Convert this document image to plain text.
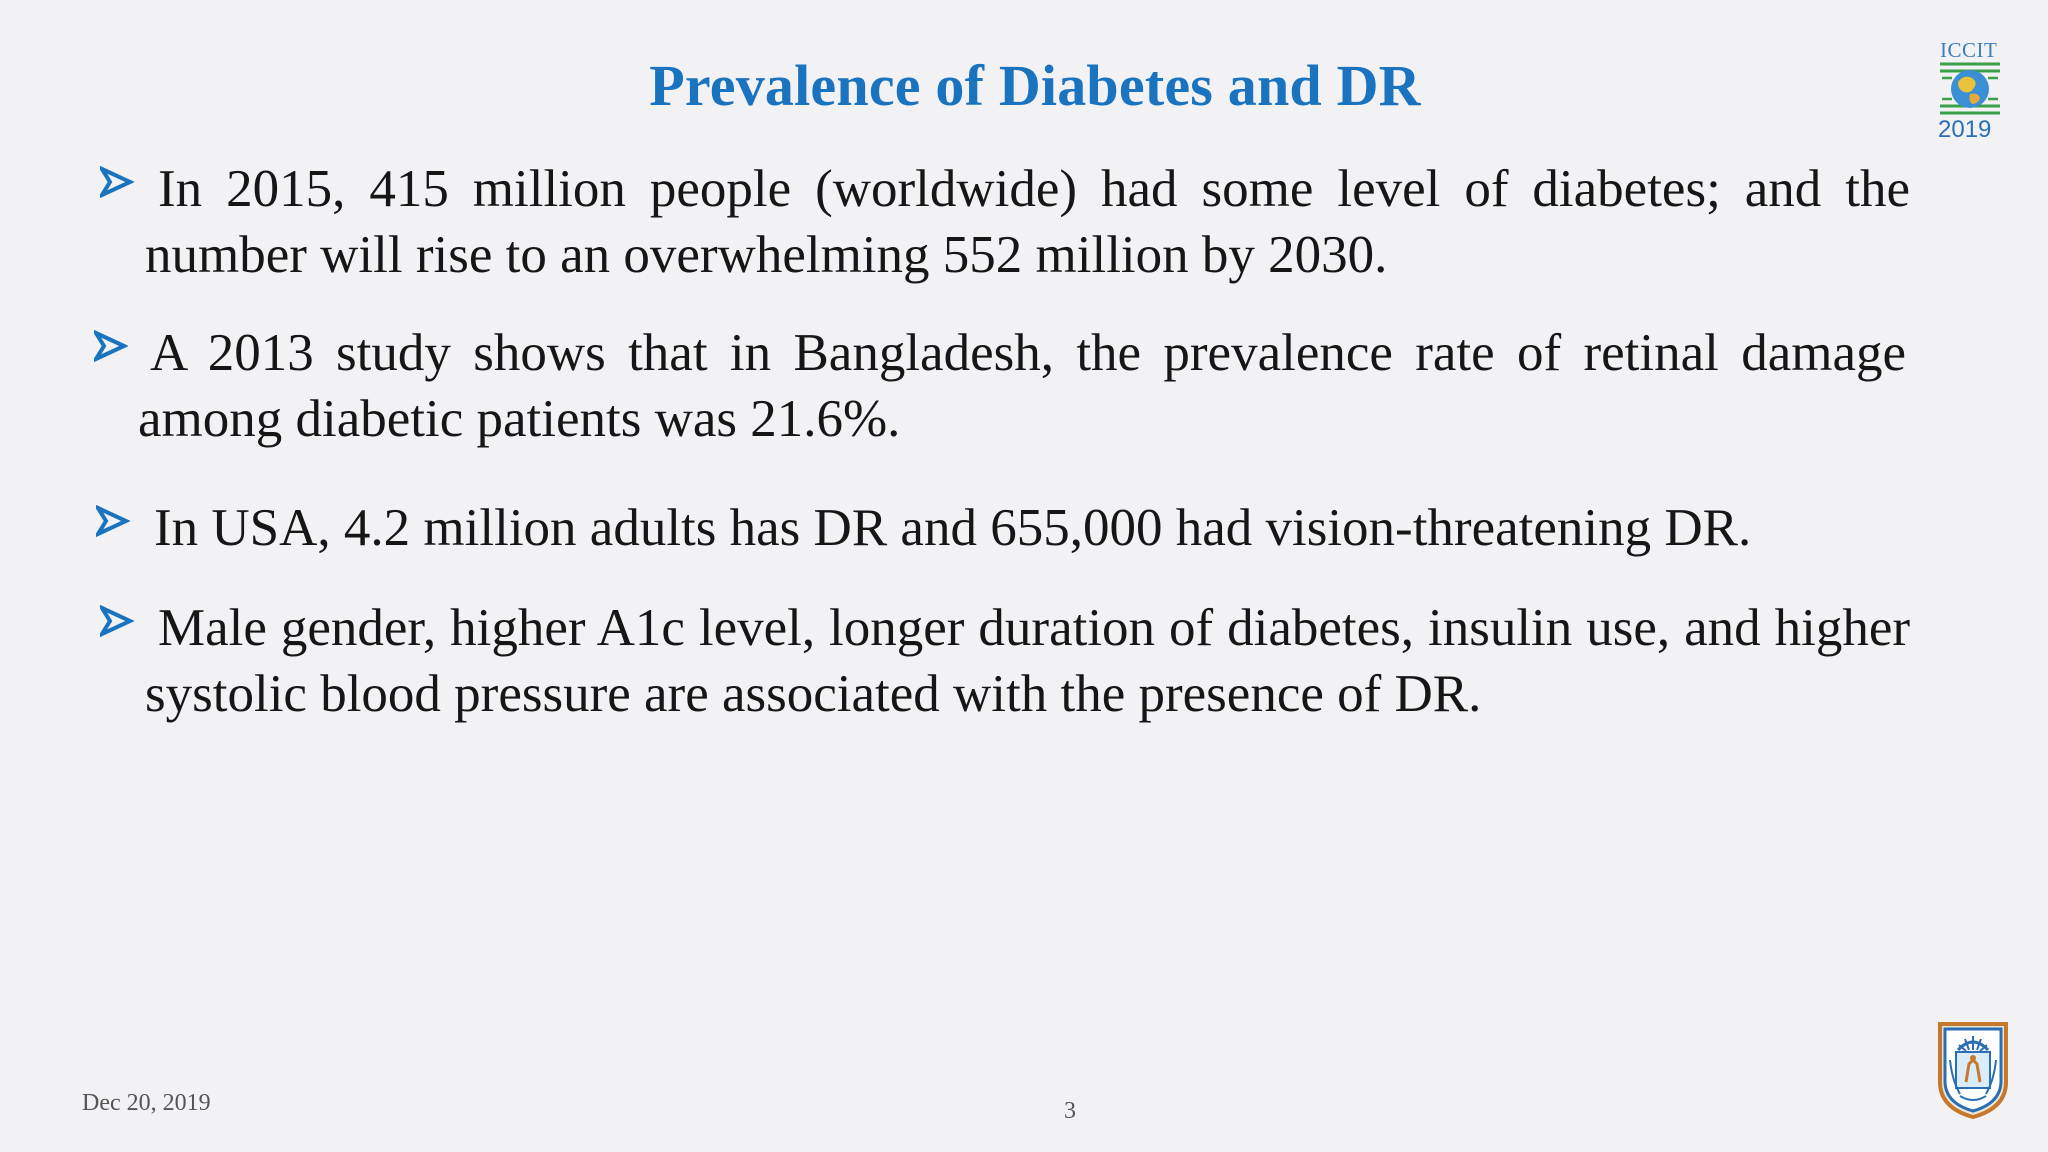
Prevalence of Diabetes and DR
ICCIT
2019
In 2015, 415 million people (worldwide) had some level of diabetes; and the number will rise to an overwhelming 552 million by 2030.
A 2013 study shows that in Bangladesh, the prevalence rate of retinal damage among diabetic patients was 21.6%.
In USA, 4.2 million adults has DR and 655,000 had vision-threatening DR.
Male gender, higher A1c level, longer duration of diabetes, insulin use, and higher systolic blood pressure are associated with the presence of DR.
Dec 20, 2019	3
